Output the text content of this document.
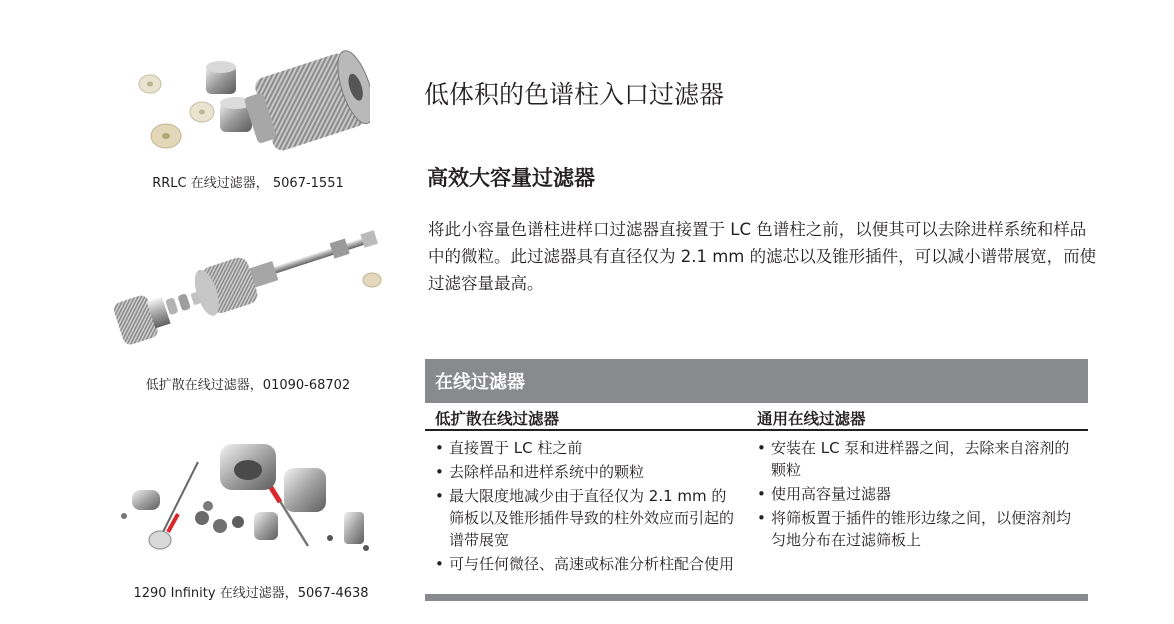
RRLC 在线过滤器， 5067-1551
低扩散在线过滤器，01090-68702
1290 Infinity 在线过滤器，5067-4638
低体积的色谱柱入口过滤器
高效大容量过滤器

将此小容量色谱柱进样口过滤器直接置于 LC 色谱柱之前，以便其可以去除进样系统和样品中的微粒。此过滤器具有直径仅为 2.1 mm 的滤芯以及锥形插件，可以减小谱带展宽，而使过滤容量最高。

在线过滤器
低扩散在线过滤器	通用在线过滤器
• 直接置于 LC 柱之前
• 去除样品和进样系统中的颗粒
• 最大限度地减少由于直径仅为 2.1 mm 的筛板以及锥形插件导致的柱外效应而引起的谱带展宽
• 可与任何微径、高速或标准分析柱配合使用
• 安装在 LC 泵和进样器之间，去除来自溶剂的颗粒
• 使用高容量过滤器
• 将筛板置于插件的锥形边缘之间，以便溶剂均匀地分布在过滤筛板上
